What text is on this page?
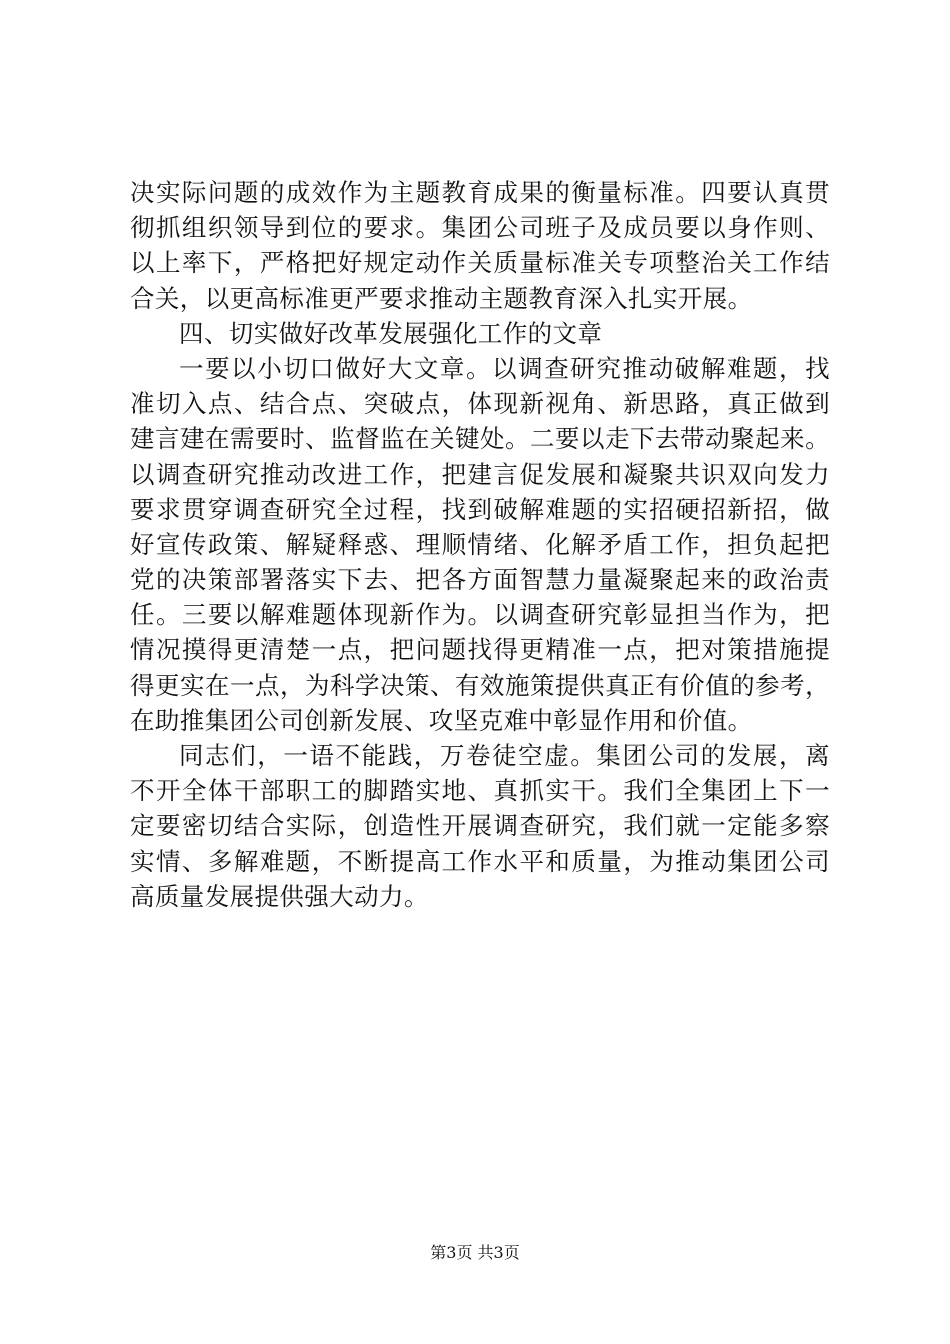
决实际问题的成效作为主题教育成果的衡量标准。四要认真贯
彻抓组织领导到位的要求。集团公司班子及成员要以身作则、
以上率下，严格把好规定动作关质量标准关专项整治关工作结
合关，以更高标准更严要求推动主题教育深入扎实开展。
四、切实做好改革发展强化工作的文章
一要以小切口做好大文章。以调查研究推动破解难题，找
准切入点、结合点、突破点，体现新视角、新思路，真正做到
建言建在需要时、监督监在关键处。二要以走下去带动聚起来。
以调查研究推动改进工作，把建言促发展和凝聚共识双向发力
要求贯穿调查研究全过程，找到破解难题的实招硬招新招，做
好宣传政策、解疑释惑、理顺情绪、化解矛盾工作，担负起把
党的决策部署落实下去、把各方面智慧力量凝聚起来的政治责
任。三要以解难题体现新作为。以调查研究彰显担当作为，把
情况摸得更清楚一点，把问题找得更精准一点，把对策措施提
得更实在一点，为科学决策、有效施策提供真正有价值的参考，
在助推集团公司创新发展、攻坚克难中彰显作用和价值。
同志们，一语不能践，万卷徒空虚。集团公司的发展，离
不开全体干部职工的脚踏实地、真抓实干。我们全集团上下一
定要密切结合实际，创造性开展调查研究，我们就一定能多察
实情、多解难题，不断提高工作水平和质量，为推动集团公司
高质量发展提供强大动力。
第3页 共3页
